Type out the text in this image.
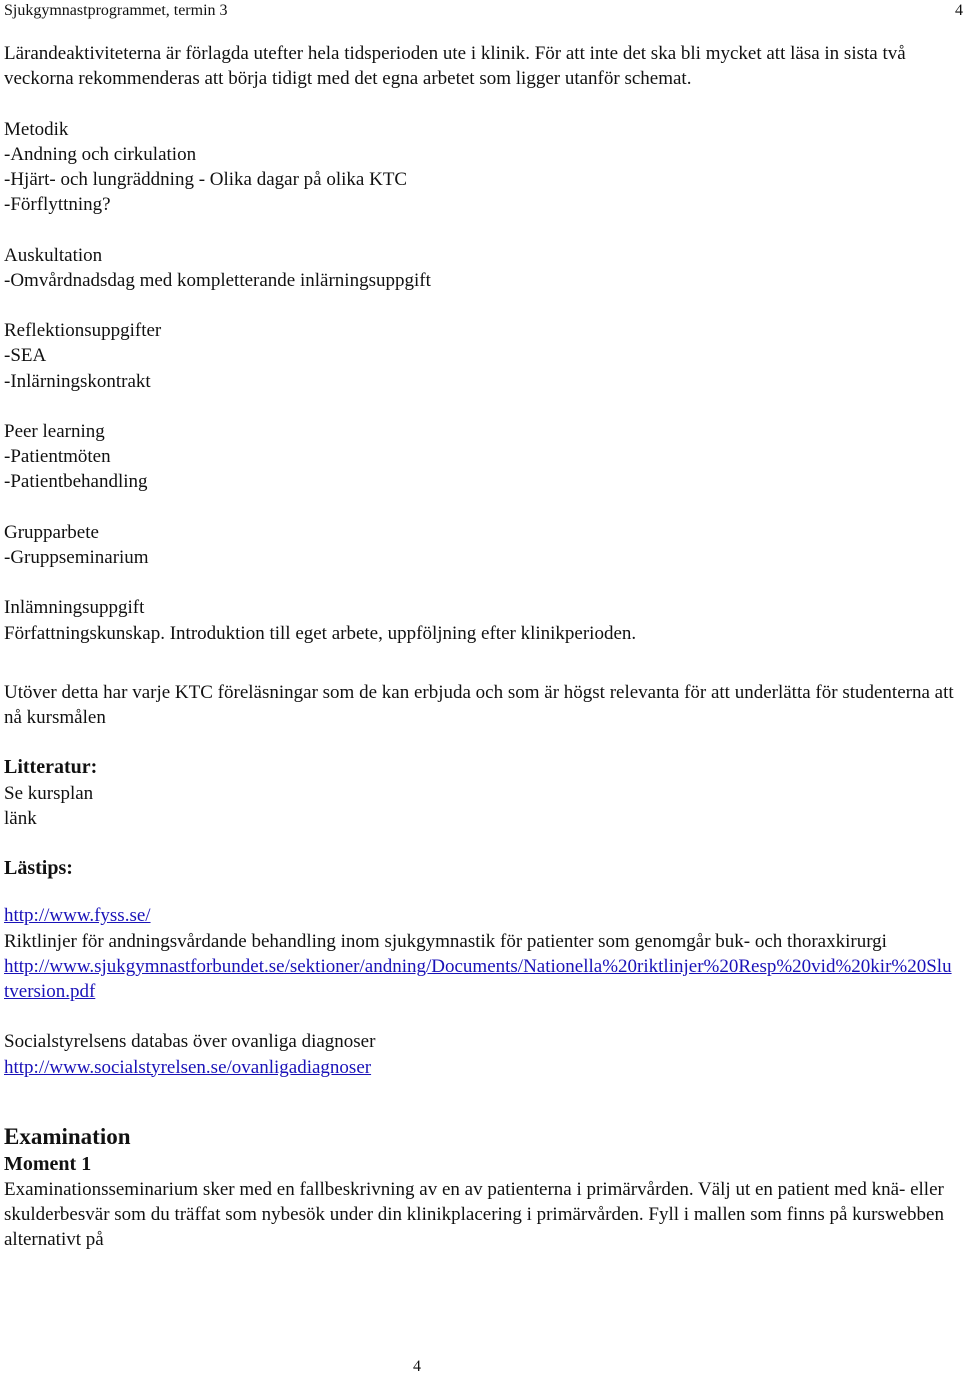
Sjukgymnastprogrammet, termin 3	4

Lärandeaktiviteterna är förlagda utefter hela tidsperioden ute i klinik. För att inte det ska bli mycket att läsa in sista två veckorna rekommenderas att börja tidigt med det egna arbetet som ligger utanför schemat.

Metodik
-Andning och cirkulation
-Hjärt- och lungräddning - Olika dagar på olika KTC
-Förflyttning?
Auskultation
-Omvårdnadsdag med kompletterande inlärningsuppgift
Reflektionsuppgifter
-SEA
-Inlärningskontrakt
Peer learning
-Patientmöten
-Patientbehandling
Grupparbete
-Gruppseminarium
Inlämningsuppgift
Författningskunskap. Introduktion till eget arbete, uppföljning efter klinikperioden.

Utöver detta har varje KTC föreläsningar som de kan erbjuda och som är högst relevanta för att underlätta för studenterna att nå kursmålen

Litteratur:
Se kursplan
länk
Lästips:
http://www.fyss.se/
Riktlinjer för andningsvårdande behandling inom sjukgymnastik för patienter som genomgår buk- och thoraxkirurgi
http://www.sjukgymnastforbundet.se/sektioner/andning/Documents/Nationella%20riktlinjer%20Resp%20vid%20kir%20Slutversion.pdf
Socialstyrelsens databas över ovanliga diagnoser
http://www.socialstyrelsen.se/ovanligadiagnoser
Examination
Moment 1

Examinationsseminarium sker med en fallbeskrivning av en av patienterna i primärvården. Välj ut en patient med knä- eller skulderbesvär som du träffat som nybesök under din klinikplacering i primärvården. Fyll i mallen som finns på kurswebben alternativt på

4
